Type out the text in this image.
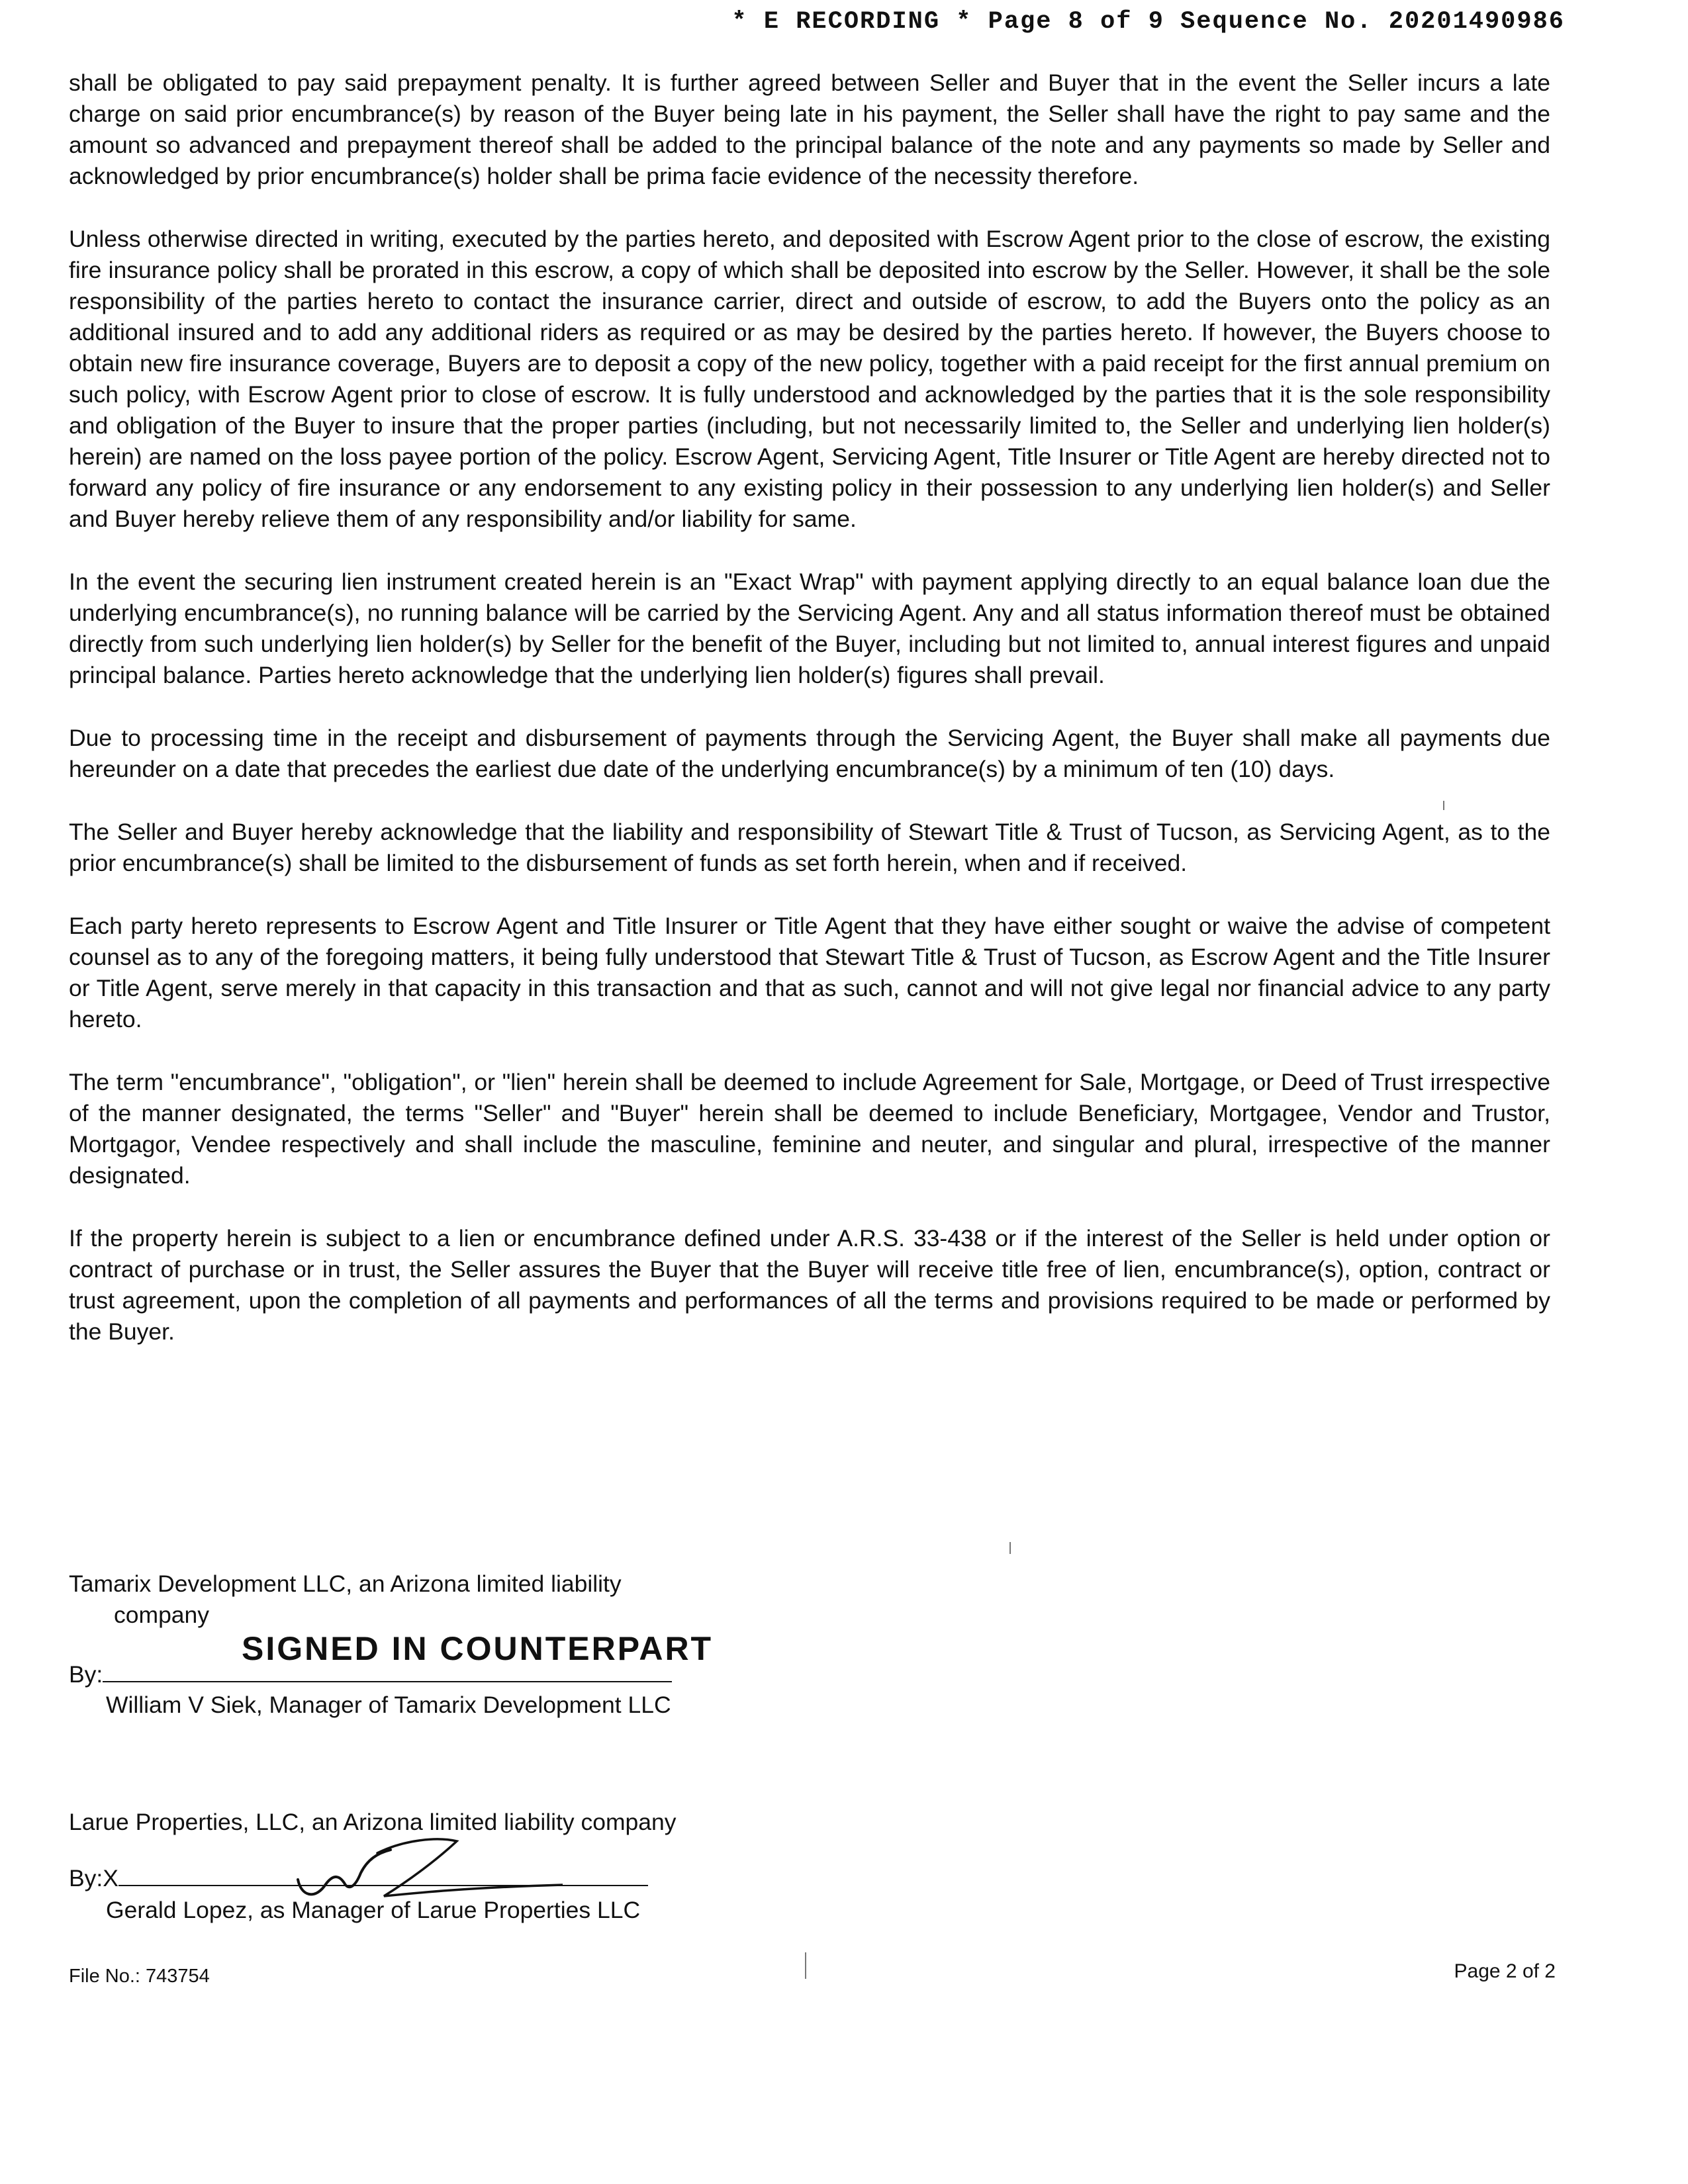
* E RECORDING * Page 8 of 9 Sequence No. 20201490986

shall be obligated to pay said prepayment penalty. It is further agreed between Seller and Buyer that in the event the Seller incurs a late charge on said prior encumbrance(s) by reason of the Buyer being late in his payment, the Seller shall have the right to pay same and the amount so advanced and prepayment thereof shall be added to the principal balance of the note and any payments so made by Seller and acknowledged by prior encumbrance(s) holder shall be prima facie evidence of the necessity therefore.

Unless otherwise directed in writing, executed by the parties hereto, and deposited with Escrow Agent prior to the close of escrow, the existing fire insurance policy shall be prorated in this escrow, a copy of which shall be deposited into escrow by the Seller. However, it shall be the sole responsibility of the parties hereto to contact the insurance carrier, direct and outside of escrow, to add the Buyers onto the policy as an additional insured and to add any additional riders as required or as may be desired by the parties hereto. If however, the Buyers choose to obtain new fire insurance coverage, Buyers are to deposit a copy of the new policy, together with a paid receipt for the first annual premium on such policy, with Escrow Agent prior to close of escrow. It is fully understood and acknowledged by the parties that it is the sole responsibility and obligation of the Buyer to insure that the proper parties (including, but not necessarily limited to, the Seller and underlying lien holder(s) herein) are named on the loss payee portion of the policy. Escrow Agent, Servicing Agent, Title Insurer or Title Agent are hereby directed not to forward any policy of fire insurance or any endorsement to any existing policy in their possession to any underlying lien holder(s) and Seller and Buyer hereby relieve them of any responsibility and/or liability for same.

In the event the securing lien instrument created herein is an "Exact Wrap" with payment applying directly to an equal balance loan due the underlying encumbrance(s), no running balance will be carried by the Servicing Agent. Any and all status information thereof must be obtained directly from such underlying lien holder(s) by Seller for the benefit of the Buyer, including but not limited to, annual interest figures and unpaid principal balance. Parties hereto acknowledge that the underlying lien holder(s) figures shall prevail.

Due to processing time in the receipt and disbursement of payments through the Servicing Agent, the Buyer shall make all payments due hereunder on a date that precedes the earliest due date of the underlying encumbrance(s) by a minimum of ten (10) days.

The Seller and Buyer hereby acknowledge that the liability and responsibility of Stewart Title & Trust of Tucson, as Servicing Agent, as to the prior encumbrance(s) shall be limited to the disbursement of funds as set forth herein, when and if received.

Each party hereto represents to Escrow Agent and Title Insurer or Title Agent that they have either sought or waive the advise of competent counsel as to any of the foregoing matters, it being fully understood that Stewart Title & Trust of Tucson, as Escrow Agent and the Title Insurer or Title Agent, serve merely in that capacity in this transaction and that as such, cannot and will not give legal nor financial advice to any party hereto.

The term "encumbrance", "obligation", or "lien" herein shall be deemed to include Agreement for Sale, Mortgage, or Deed of Trust irrespective of the manner designated, the terms "Seller" and "Buyer" herein shall be deemed to include Beneficiary, Mortgagee, Vendor and Trustor, Mortgagor, Vendee respectively and shall include the masculine, feminine and neuter, and singular and plural, irrespective of the manner designated.

If the property herein is subject to a lien or encumbrance defined under A.R.S. 33-438 or if the interest of the Seller is held under option or contract of purchase or in trust, the Seller assures the Buyer that the Buyer will receive title free of lien, encumbrance(s), option, contract or trust agreement, upon the completion of all payments and performances of all the terms and provisions required to be made or performed by the Buyer.

Tamarix Development LLC, an Arizona limited liability
company
SIGNED IN COUNTERPART
By:
William V Siek, Manager of Tamarix Development LLC
Larue Properties, LLC, an Arizona limited liability company
By:X
Gerald Lopez, as Manager of Larue Properties LLC
File No.: 743754	Page 2 of 2
